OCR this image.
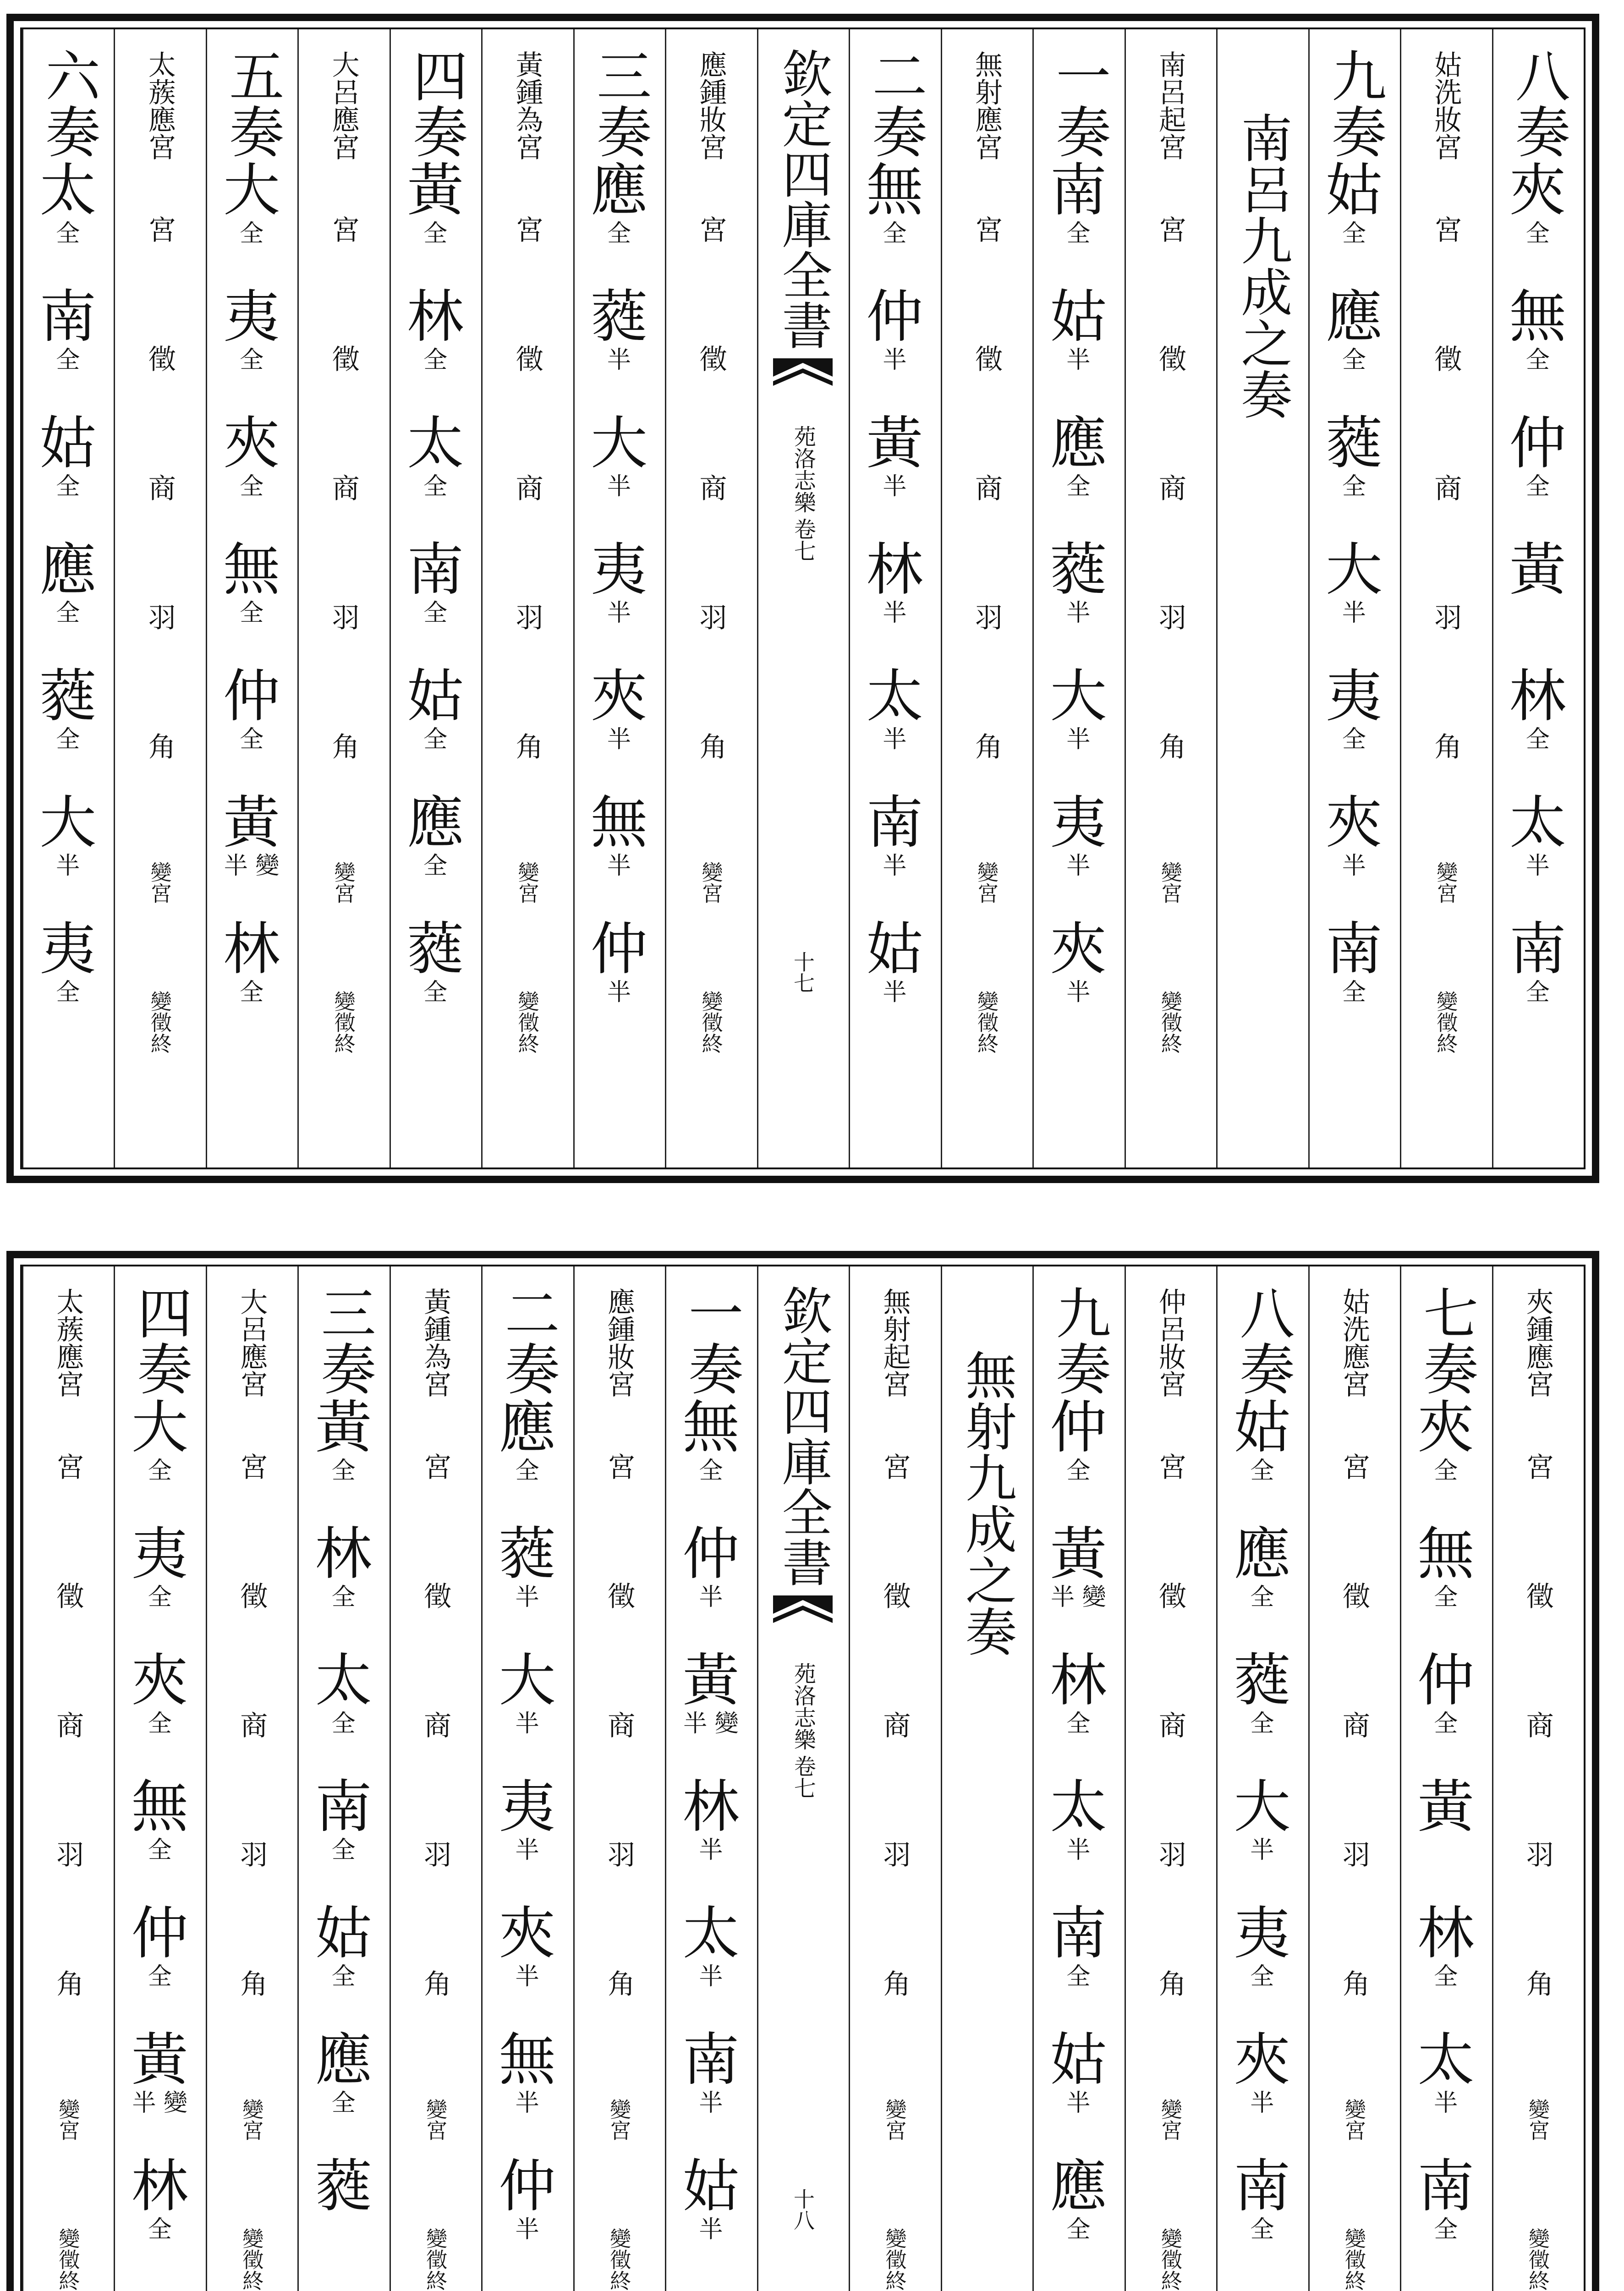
八奏
夾
全
無
全
仲
全
黃
林
全
太
半
南
全
姑洗妝宮
宮
徵
商
羽
角
變宮
變徵終
九奏
姑
全
應
全
蕤
全
大
半
夷
全
夾
半
南
全
南呂九成之奏
南呂起宮
宮
徵
商
羽
角
變宮
變徵終
一奏
南
全
姑
半
應
全
蕤
半
大
半
夷
半
夾
半
無射應宮
宮
徵
商
羽
角
變宮
變徵終
二奏
無
全
仲
半
黃
半
林
半
太
半
南
半
姑
半
欽定四庫全書
苑洛志樂
卷七
十七
應鍾妝宮
宮
徵
商
羽
角
變宮
變徵終
三奏
應
全
蕤
半
大
半
夷
半
夾
半
無
半
仲
半
黃鍾為宮
宮
徵
商
羽
角
變宮
變徵終
四奏
黃
全
林
全
太
全
南
全
姑
全
應
全
蕤
全
大呂應宮
宮
徵
商
羽
角
變宮
變徵終
五奏
大
全
夷
全
夾
全
無
全
仲
全
黃
半 變
林
全
太蔟應宮
宮
徵
商
羽
角
變宮
變徵終
六奏
太
全
南
全
姑
全
應
全
蕤
全
大
半
夷
全
夾鍾應宮
宮
徵
商
羽
角
變宮
變徵終
七奏
夾
全
無
全
仲
全
黃
林
全
太
半
南
全
姑洗應宮
宮
徵
商
羽
角
變宮
變徵終
八奏
姑
全
應
全
蕤
全
大
半
夷
全
夾
半
南
全
仲呂妝宮
宮
徵
商
羽
角
變宮
變徵終
九奏
仲
全
黃
半 變
林
全
太
半
南
全
姑
半
應
全
無射九成之奏
無射起宮
宮
徵
商
羽
角
變宮
變徵終
欽定四庫全書
苑洛志樂
卷七
十八
一奏
無
全
仲
半
黃
半 變
林
半
太
半
南
半
姑
半
應鍾妝宮
宮
徵
商
羽
角
變宮
變徵終
二奏
應
全
蕤
半
大
半
夷
半
夾
半
無
半
仲
半
黃鍾為宮
宮
徵
商
羽
角
變宮
變徵終
三奏
黃
全
林
全
太
全
南
全
姑
全
應
全
蕤
大呂應宮
宮
徵
商
羽
角
變宮
變徵終
四奏
大
全
夷
全
夾
全
無
全
仲
全
黃
半 變
林
全
太蔟應宮
宮
徵
商
羽
角
變宮
變徵終
